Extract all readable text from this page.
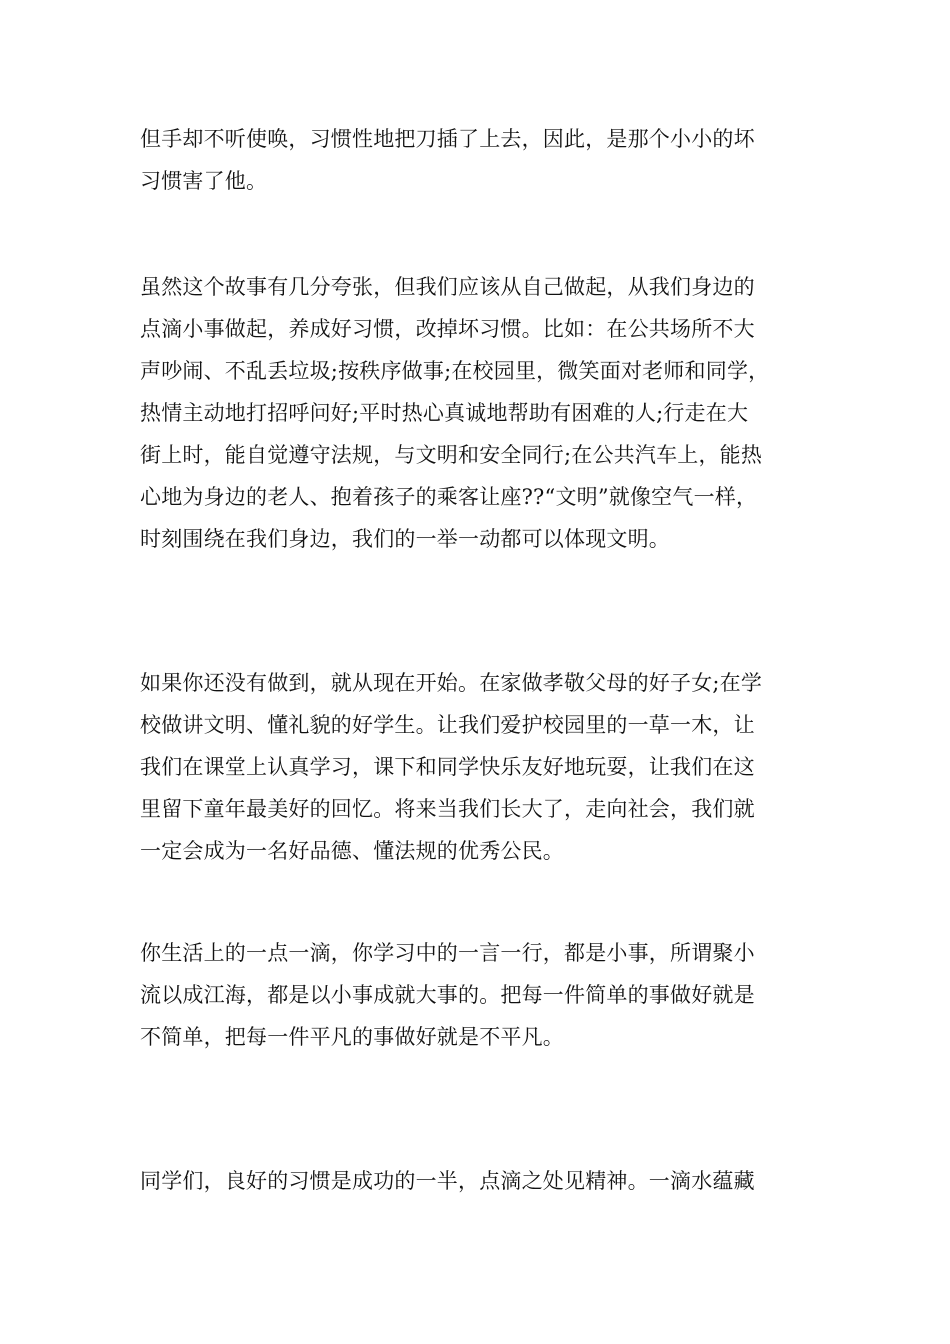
但手却不听使唤，习惯性地把刀插了上去，因此，是那个小小的坏
习惯害了他。

虽然这个故事有几分夸张，但我们应该从自己做起，从我们身边的
点滴小事做起，养成好习惯，改掉坏习惯。比如：在公共场所不大
声吵闹、不乱丢垃圾;按秩序做事;在校园里，微笑面对老师和同学，
热情主动地打招呼问好;平时热心真诚地帮助有困难的人;行走在大
街上时，能自觉遵守法规，与文明和安全同行;在公共汽车上，能热
心地为身边的老人、抱着孩子的乘客让座??“文明”就像空气一样，
时刻围绕在我们身边，我们的一举一动都可以体现文明。

如果你还没有做到，就从现在开始。在家做孝敬父母的好子女;在学
校做讲文明、懂礼貌的好学生。让我们爱护校园里的一草一木，让
我们在课堂上认真学习，课下和同学快乐友好地玩耍，让我们在这
里留下童年最美好的回忆。将来当我们长大了，走向社会，我们就
一定会成为一名好品德、懂法规的优秀公民。

你生活上的一点一滴，你学习中的一言一行，都是小事，所谓聚小
流以成江海，都是以小事成就大事的。把每一件简单的事做好就是
不简单，把每一件平凡的事做好就是不平凡。

同学们，良好的习惯是成功的一半，点滴之处见精神。一滴水蕴藏
